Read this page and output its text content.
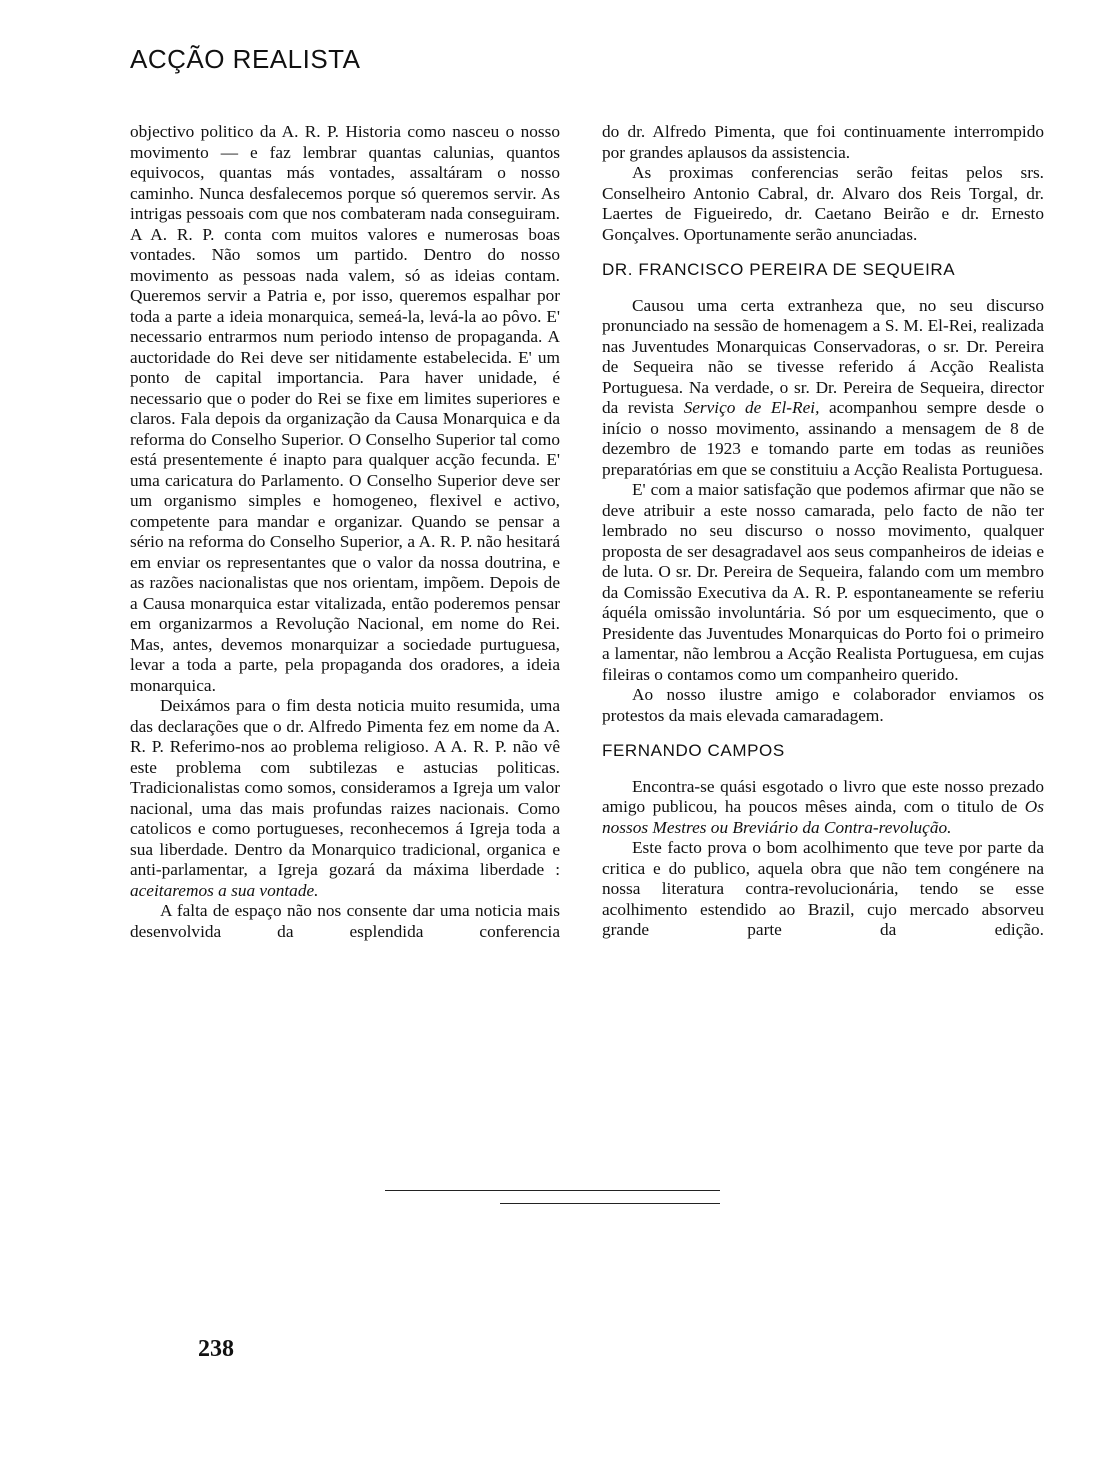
ACÇÃO REALISTA

objectivo politico da A. R. P. Historia como nasceu o nosso movimento — e faz lembrar quantas calunias, quantos equivocos, quantas más vontades, assaltáram o nosso caminho. Nunca desfalecemos porque só queremos servir. As intrigas pessoais com que nos combateram nada conseguiram. A A. R. P. conta com muitos valores e numerosas boas vontades. Não somos um partido. Dentro do nosso movimento as pessoas nada valem, só as ideias contam. Queremos servir a Patria e, por isso, queremos espalhar por toda a parte a ideia monarquica, semeá-la, levá-la ao pôvo. E' necessario entrarmos num periodo intenso de propaganda. A auctoridade do Rei deve ser nitidamente estabelecida. E' um ponto de capital importancia. Para haver unidade, é necessario que o poder do Rei se fixe em limites superiores e claros. Fala depois da organização da Causa Monarquica e da reforma do Conselho Superior. O Conselho Superior tal como está presentemente é inapto para qualquer acção fecunda. E' uma caricatura do Parlamento. O Conselho Superior deve ser um organismo simples e homogeneo, flexivel e activo, competente para mandar e organizar. Quando se pensar a sério na reforma do Conselho Superior, a A. R. P. não hesitará em enviar os representantes que o valor da nossa doutrina, e as razões nacionalistas que nos orientam, impõem. Depois de a Causa monarquica estar vitalizada, então poderemos pensar em organizarmos a Revolução Nacional, em nome do Rei. Mas, antes, devemos monarquizar a sociedade purtuguesa, levar a toda a parte, pela propaganda dos oradores, a ideia monarquica.

Deixámos para o fim desta noticia muito resumida, uma das declarações que o dr. Alfredo Pimenta fez em nome da A. R. P. Referimo-nos ao problema religioso. A A. R. P. não vê este problema com subtilezas e astucias politicas. Tradicionalistas como somos, consideramos a Igreja um valor nacional, uma das mais profundas raizes nacionais. Como catolicos e como portugueses, reconhecemos á Igreja toda a sua liberdade. Dentro da Monarquico tradicional, organica e anti-parlamentar, a Igreja gozará da máxima liberdade : aceitaremos a sua vontade.

A falta de espaço não nos consente dar uma noticia mais desenvolvida da esplendida conferencia

do dr. Alfredo Pimenta, que foi continuamente interrompido por grandes aplausos da assistencia.

As proximas conferencias serão feitas pelos srs. Conselheiro Antonio Cabral, dr. Alvaro dos Reis Torgal, dr. Laertes de Figueiredo, dr. Caetano Beirão e dr. Ernesto Gonçalves. Oportunamente serão anunciadas.

DR. FRANCISCO PEREIRA DE SEQUEIRA

Causou uma certa extranheza que, no seu discurso pronunciado na sessão de homenagem a S. M. El-Rei, realizada nas Juventudes Monarquicas Conservadoras, o sr. Dr. Pereira de Sequeira não se tivesse referido á Acção Realista Portuguesa. Na verdade, o sr. Dr. Pereira de Sequeira, director da revista Serviço de El-Rei, acompanhou sempre desde o início o nosso movimento, assinando a mensagem de 8 de dezembro de 1923 e tomando parte em todas as reuniões preparatórias em que se constituiu a Acção Realista Portuguesa.

E' com a maior satisfação que podemos afirmar que não se deve atribuir a este nosso camarada, pelo facto de não ter lembrado no seu discurso o nosso movimento, qualquer proposta de ser desagradavel aos seus companheiros de ideias e de luta. O sr. Dr. Pereira de Sequeira, falando com um membro da Comissão Executiva da A. R. P. espontaneamente se referiu áquéla omissão involuntária. Só por um esquecimento, que o Presidente das Juventudes Monarquicas do Porto foi o primeiro a lamentar, não lembrou a Acção Realista Portuguesa, em cujas fileiras o contamos como um companheiro querido.

Ao nosso ilustre amigo e colaborador enviamos os protestos da mais elevada camaradagem.

FERNANDO CAMPOS

Encontra-se quási esgotado o livro que este nosso prezado amigo publicou, ha poucos mêses ainda, com o titulo de Os nossos Mestres ou Breviário da Contra-revolução.

Este facto prova o bom acolhimento que teve por parte da critica e do publico, aquela obra que não tem congénere na nossa literatura contra-revolucionária, tendo se esse acolhimento estendido ao Brazil, cujo mercado absorveu grande parte da edição.

238
